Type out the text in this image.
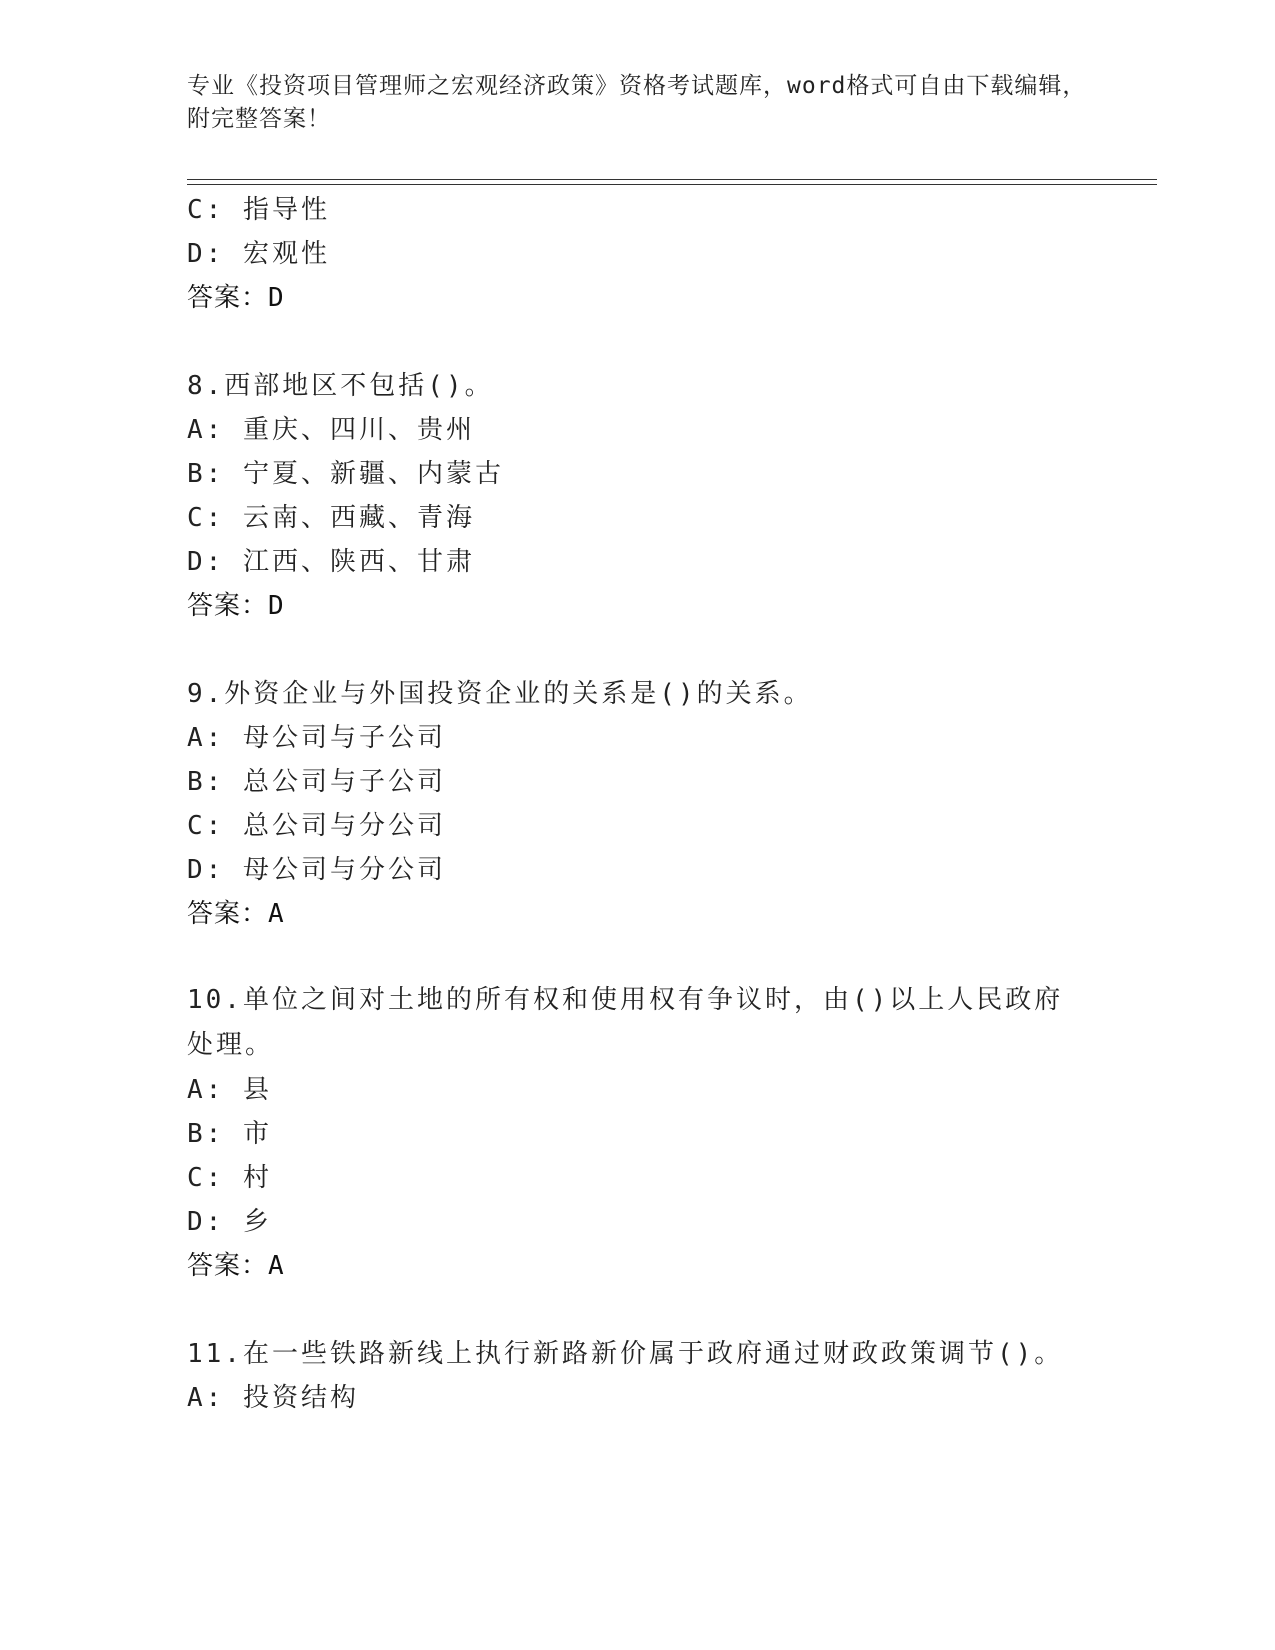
专业《投资项目管理师之宏观经济政策》资格考试题库，word格式可自由下载编辑，附完整答案！
C: 指导性
D: 宏观性
答案：D
8.西部地区不包括()。
A: 重庆、四川、贵州
B: 宁夏、新疆、内蒙古
C: 云南、西藏、青海
D: 江西、陕西、甘肃
答案：D
9.外资企业与外国投资企业的关系是()的关系。
A: 母公司与子公司
B: 总公司与子公司
C: 总公司与分公司
D: 母公司与分公司
答案：A
10.单位之间对土地的所有权和使用权有争议时，由()以上人民政府处理。
A: 县
B: 市
C: 村
D: 乡
答案：A
11.在一些铁路新线上执行新路新价属于政府通过财政政策调节()。
A: 投资结构
